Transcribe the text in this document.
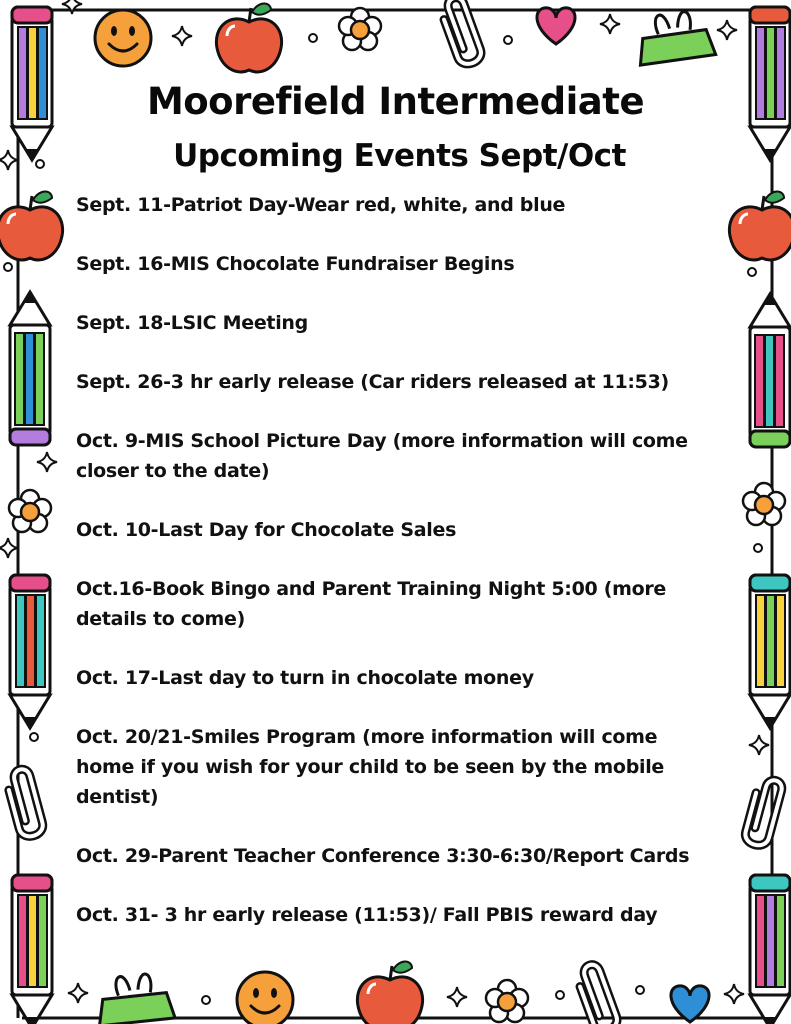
Moorefield Intermediate
Upcoming Events Sept/Oct
Sept. 11-Patriot Day-Wear red, white, and blue
Sept. 16-MIS Chocolate Fundraiser Begins
Sept. 18-LSIC Meeting
Sept. 26-3 hr early release (Car riders released at 11:53)
Oct. 9-MIS School Picture Day (more information will come closer to the date)
Oct. 10-Last Day for Chocolate Sales
Oct.16-Book Bingo and Parent Training Night 5:00 (more details to come)
Oct. 17-Last day to turn in chocolate money
Oct. 20/21-Smiles Program (more information will come home if you wish for your child to be seen by the mobile dentist)
Oct. 29-Parent Teacher Conference 3:30-6:30/Report Cards
Oct. 31- 3 hr early release (11:53)/ Fall PBIS reward day
